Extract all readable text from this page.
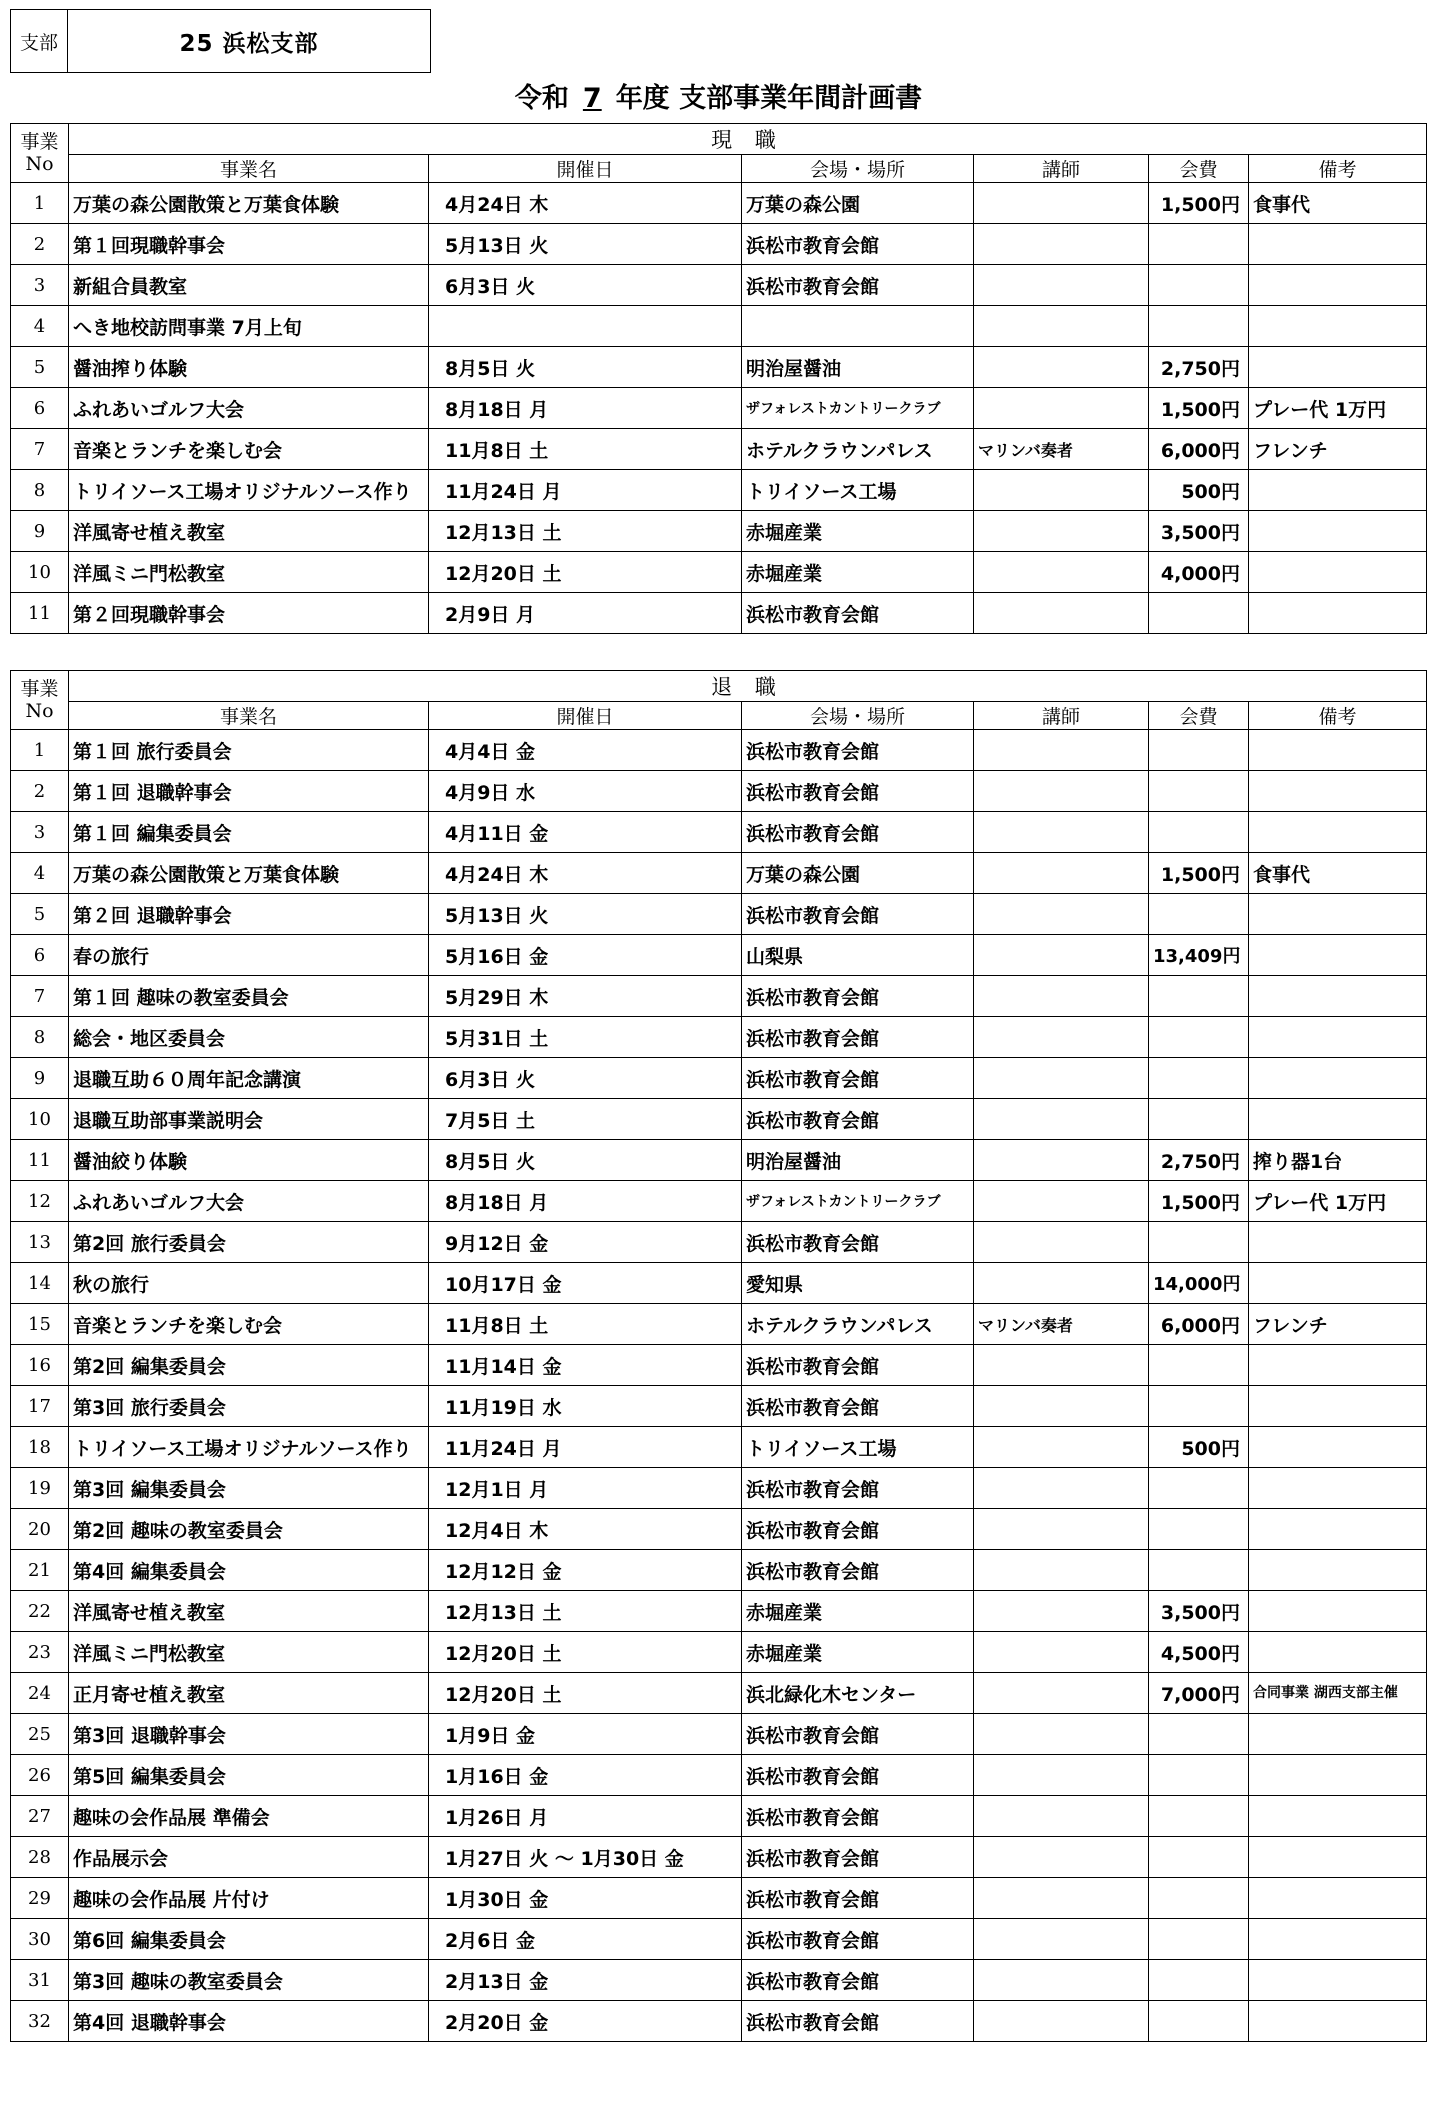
支部	25 浜松支部
令和 7 年度 支部事業年間計画書
事業
No	現 職					
	事業名	開催日	会場・場所	講師	会費	備考
1	万葉の森公園散策と万葉食体験	4月24日 木	万葉の森公園		1,500円	食事代
2	第１回現職幹事会	5月13日 火	浜松市教育会館			
3	新組合員教室	6月3日 火	浜松市教育会館			
4	へき地校訪問事業 7月上旬					
5	醤油搾り体験	8月5日 火	明治屋醤油		2,750円	
6	ふれあいゴルフ大会	8月18日 月	ザフォレストカントリークラブ		1,500円	プレー代 1万円
7	音楽とランチを楽しむ会	11月8日 土	ホテルクラウンパレス	マリンバ奏者	6,000円	フレンチ
8	トリイソース工場オリジナルソース作り	11月24日 月	トリイソース工場		500円	
9	洋風寄せ植え教室	12月13日 土	赤堀産業		3,500円	
10	洋風ミニ門松教室	12月20日 土	赤堀産業		4,000円	
11	第２回現職幹事会	2月9日 月	浜松市教育会館			
事業
No	退 職					
	事業名	開催日	会場・場所	講師	会費	備考
1	第１回 旅行委員会	4月4日 金	浜松市教育会館			
2	第１回 退職幹事会	4月9日 水	浜松市教育会館			
3	第１回 編集委員会	4月11日 金	浜松市教育会館			
4	万葉の森公園散策と万葉食体験	4月24日 木	万葉の森公園		1,500円	食事代
5	第２回 退職幹事会	5月13日 火	浜松市教育会館			
6	春の旅行	5月16日 金	山梨県		13,409円	
7	第１回 趣味の教室委員会	5月29日 木	浜松市教育会館			
8	総会・地区委員会	5月31日 土	浜松市教育会館			
9	退職互助６０周年記念講演	6月3日 火	浜松市教育会館			
10	退職互助部事業説明会	7月5日 土	浜松市教育会館			
11	醤油絞り体験	8月5日 火	明治屋醤油		2,750円	搾り器1台
12	ふれあいゴルフ大会	8月18日 月	ザフォレストカントリークラブ		1,500円	プレー代 1万円
13	第2回 旅行委員会	9月12日 金	浜松市教育会館			
14	秋の旅行	10月17日 金	愛知県		14,000円	
15	音楽とランチを楽しむ会	11月8日 土	ホテルクラウンパレス	マリンバ奏者	6,000円	フレンチ
16	第2回 編集委員会	11月14日 金	浜松市教育会館			
17	第3回 旅行委員会	11月19日 水	浜松市教育会館			
18	トリイソース工場オリジナルソース作り	11月24日 月	トリイソース工場		500円	
19	第3回 編集委員会	12月1日 月	浜松市教育会館			
20	第2回 趣味の教室委員会	12月4日 木	浜松市教育会館			
21	第4回 編集委員会	12月12日 金	浜松市教育会館			
22	洋風寄せ植え教室	12月13日 土	赤堀産業		3,500円	
23	洋風ミニ門松教室	12月20日 土	赤堀産業		4,500円	
24	正月寄せ植え教室	12月20日 土	浜北緑化木センター		7,000円	合同事業 湖西支部主催
25	第3回 退職幹事会	1月9日 金	浜松市教育会館			
26	第5回 編集委員会	1月16日 金	浜松市教育会館			
27	趣味の会作品展 準備会	1月26日 月	浜松市教育会館			
28	作品展示会	1月27日 火 ～ 1月30日 金	浜松市教育会館			
29	趣味の会作品展 片付け	1月30日 金	浜松市教育会館			
30	第6回 編集委員会	2月6日 金	浜松市教育会館			
31	第3回 趣味の教室委員会	2月13日 金	浜松市教育会館			
32	第4回 退職幹事会	2月20日 金	浜松市教育会館			
